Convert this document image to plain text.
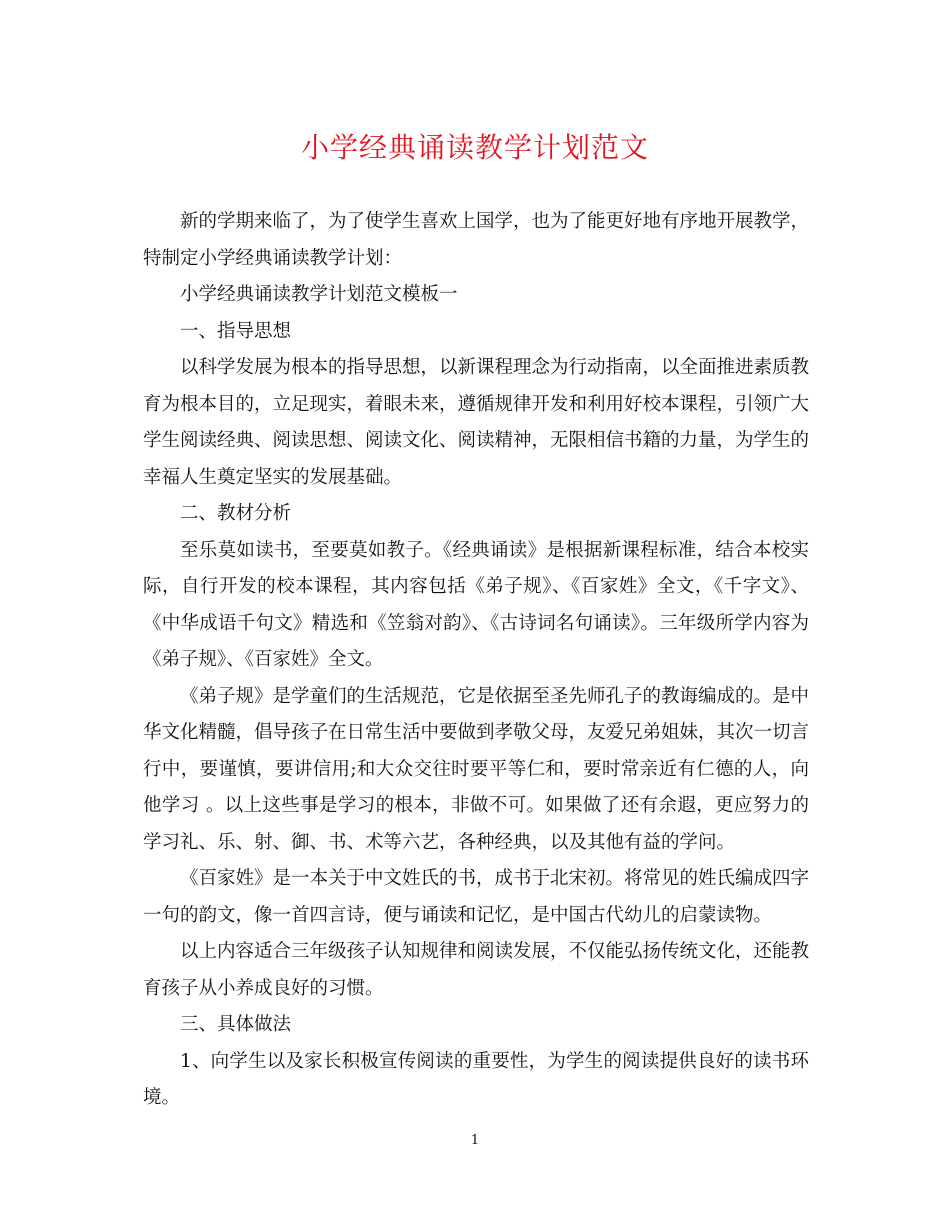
小学经典诵读教学计划范文

新的学期来临了，为了使学生喜欢上国学，也为了能更好地有序地开展教学，特制定小学经典诵读教学计划：

小学经典诵读教学计划范文模板一

一、指导思想

以科学发展为根本的指导思想，以新课程理念为行动指南，以全面推进素质教育为根本目的，立足现实，着眼未来，遵循规律开发和利用好校本课程，引领广大学生阅读经典、阅读思想、阅读文化、阅读精神，无限相信书籍的力量，为学生的幸福人生奠定坚实的发展基础。

二、教材分析

至乐莫如读书，至要莫如教子。《经典诵读》是根据新课程标准，结合本校实际，自行开发的校本课程，其内容包括《弟子规》、《百家姓》全文，《千字文》、《中华成语千句文》精选和《笠翁对韵》、《古诗词名句诵读》。三年级所学内容为《弟子规》、《百家姓》全文。

《弟子规》是学童们的生活规范，它是依据至圣先师孔子的教诲编成的。是中华文化精髓，倡导孩子在日常生活中要做到孝敬父母，友爱兄弟姐妹，其次一切言行中，要谨慎，要讲信用;和大众交往时要平等仁和，要时常亲近有仁德的人，向他学习 。以上这些事是学习的根本，非做不可。如果做了还有余遐，更应努力的学习礼、乐、射、御、书、术等六艺，各种经典，以及其他有益的学问。

《百家姓》是一本关于中文姓氏的书，成书于北宋初。将常见的姓氏编成四字一句的韵文，像一首四言诗，便与诵读和记忆，是中国古代幼儿的启蒙读物。

以上内容适合三年级孩子认知规律和阅读发展，不仅能弘扬传统文化，还能教育孩子从小养成良好的习惯。

三、具体做法

1、向学生以及家长积极宣传阅读的重要性，为学生的阅读提供良好的读书环境。

1
